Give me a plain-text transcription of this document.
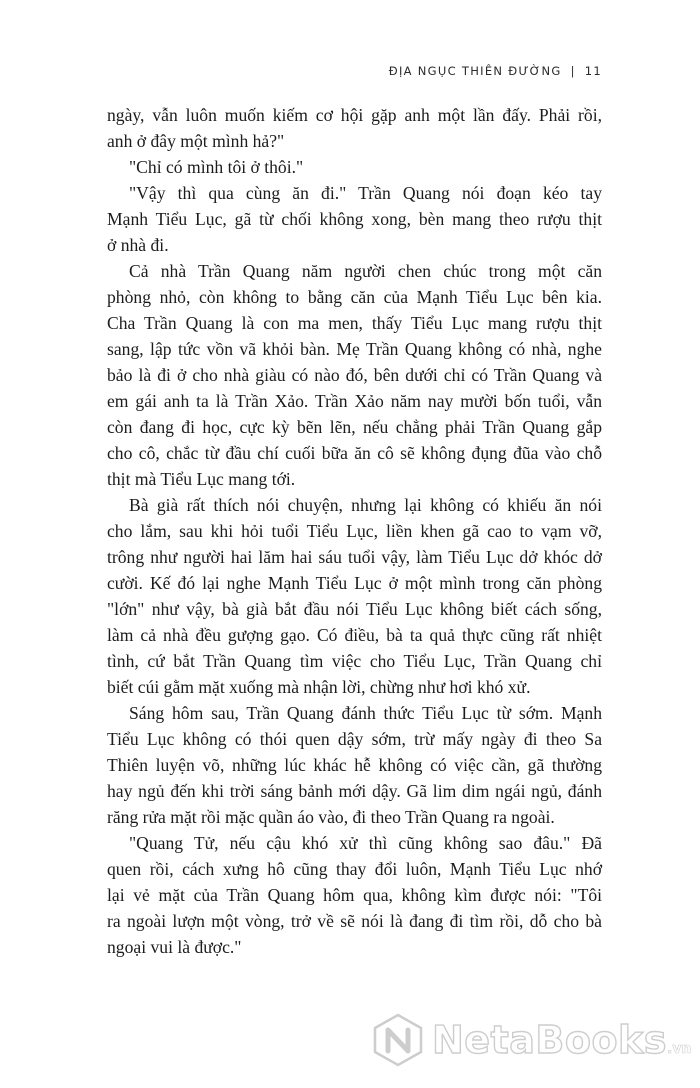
ĐỊA NGỤC THIÊN ĐƯỜNG | 11

ngày, vẫn luôn muốn kiếm cơ hội gặp anh một lần đấy. Phải rồi,
anh ở đây một mình hả?"

"Chỉ có mình tôi ở thôi."

"Vậy thì qua cùng ăn đi." Trần Quang nói đoạn kéo tay
Mạnh Tiểu Lục, gã từ chối không xong, bèn mang theo rượu thịt
ở nhà đi.

Cả nhà Trần Quang năm người chen chúc trong một căn
phòng nhỏ, còn không to bằng căn của Mạnh Tiểu Lục bên kia.
Cha Trần Quang là con ma men, thấy Tiểu Lục mang rượu thịt
sang, lập tức vồn vã khỏi bàn. Mẹ Trần Quang không có nhà, nghe
bảo là đi ở cho nhà giàu có nào đó, bên dưới chỉ có Trần Quang và
em gái anh ta là Trần Xảo. Trần Xảo năm nay mười bốn tuổi, vẫn
còn đang đi học, cực kỳ bẽn lẽn, nếu chẳng phải Trần Quang gắp
cho cô, chắc từ đầu chí cuối bữa ăn cô sẽ không đụng đũa vào chỗ
thịt mà Tiểu Lục mang tới.

Bà già rất thích nói chuyện, nhưng lại không có khiếu ăn nói
cho lắm, sau khi hỏi tuổi Tiểu Lục, liền khen gã cao to vạm vỡ,
trông như người hai lăm hai sáu tuổi vậy, làm Tiểu Lục dở khóc dở
cười. Kế đó lại nghe Mạnh Tiểu Lục ở một mình trong căn phòng
"lớn" như vậy, bà già bắt đầu nói Tiểu Lục không biết cách sống,
làm cả nhà đều gượng gạo. Có điều, bà ta quả thực cũng rất nhiệt
tình, cứ bắt Trần Quang tìm việc cho Tiểu Lục, Trần Quang chỉ
biết cúi gằm mặt xuống mà nhận lời, chừng như hơi khó xử.

Sáng hôm sau, Trần Quang đánh thức Tiểu Lục từ sớm. Mạnh
Tiểu Lục không có thói quen dậy sớm, trừ mấy ngày đi theo Sa
Thiên luyện võ, những lúc khác hễ không có việc cần, gã thường
hay ngủ đến khi trời sáng bảnh mới dậy. Gã lim dim ngái ngủ, đánh
răng rửa mặt rồi mặc quần áo vào, đi theo Trần Quang ra ngoài.

"Quang Tử, nếu cậu khó xử thì cũng không sao đâu." Đã
quen rồi, cách xưng hô cũng thay đổi luôn, Mạnh Tiểu Lục nhớ
lại vẻ mặt của Trần Quang hôm qua, không kìm được nói: "Tôi
ra ngoài lượn một vòng, trở về sẽ nói là đang đi tìm rồi, dỗ cho bà
ngoại vui là được."

NetaBooks.vn
